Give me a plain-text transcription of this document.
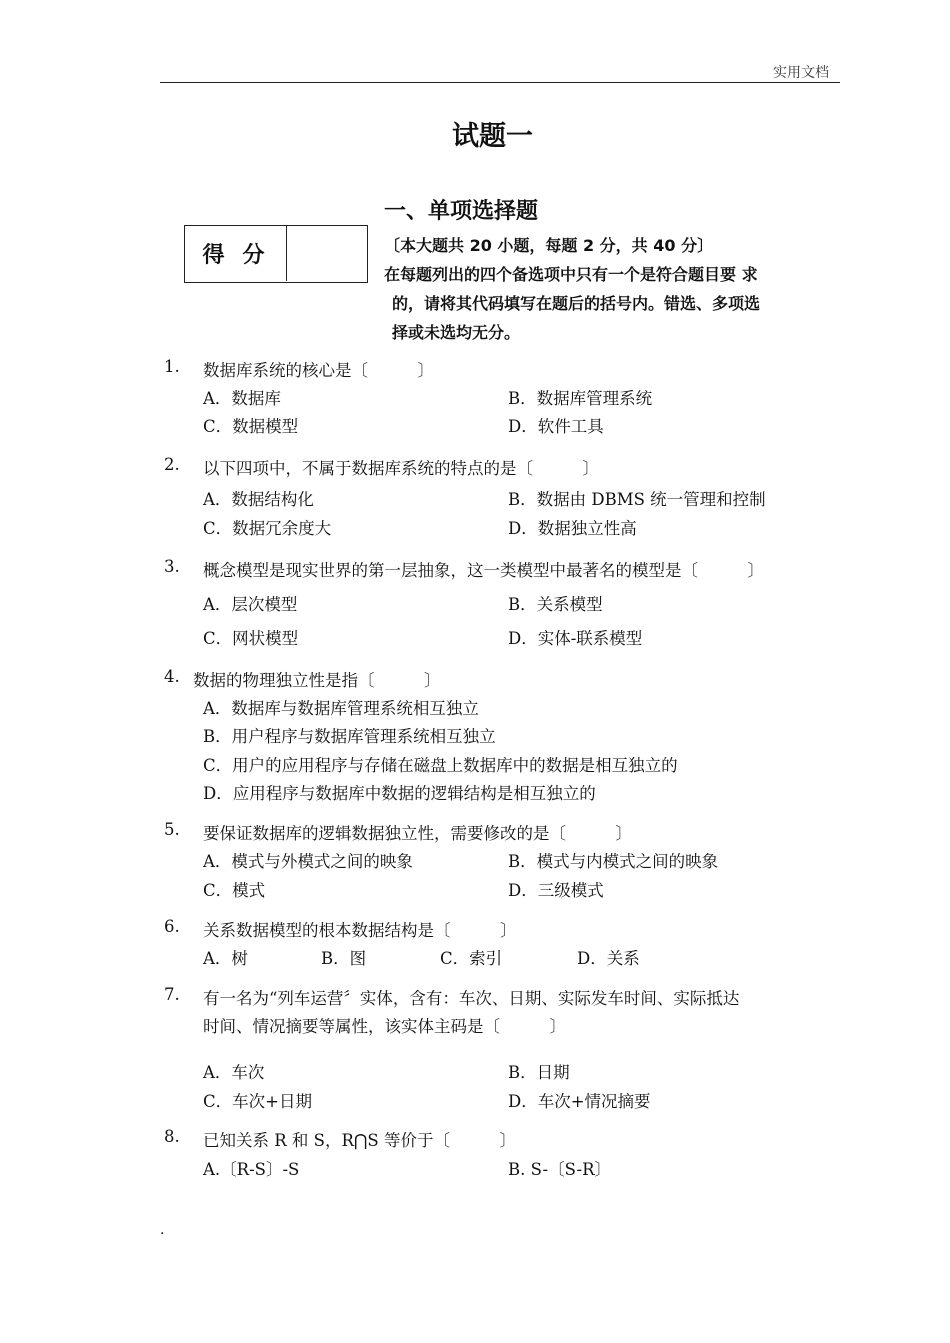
实用文档
试题一
一、单项选择题
得分	〔本大题共 20 小题，每题 2 分，共 40 分〕
在每题列出的四个备选项中只有一个是符合题目要 求
的，请将其代码填写在题后的括号内。错选、多项选
择或未选均无分。
1. 数据库系统的核心是〔　　　〕
A．数据库	B．数据库管理系统
C．数据模型	D．软件工具
2. 以下四项中，不属于数据库系统的特点的是〔　　　〕
A．数据结构化	B．数据由 DBMS 统一管理和控制
C．数据冗余度大	D．数据独立性高
3. 概念模型是现实世界的第一层抽象，这一类模型中最著名的模型是〔　　　〕
A．层次模型	B．关系模型
C．网状模型	D．实体-联系模型
4. 数据的物理独立性是指〔　　　〕
A．数据库与数据库管理系统相互独立
B．用户程序与数据库管理系统相互独立
C．用户的应用程序与存储在磁盘上数据库中的数据是相互独立的
D．应用程序与数据库中数据的逻辑结构是相互独立的
5. 要保证数据库的逻辑数据独立性，需要修改的是〔　　　〕
A．模式与外模式之间的映象	B．模式与内模式之间的映象
C．模式	D．三级模式
6. 关系数据模型的根本数据结构是〔　　　〕
A．树	B．图	C．索引	D．关系
7. 有一名为“列车运营〞实体，含有：车次、日期、实际发车时间、实际抵达
时间、情况摘要等属性，该实体主码是〔　　　〕
A．车次	B．日期
C．车次+日期	D．车次+情况摘要
8. 已知关系 R 和 S，R⋂S 等价于〔　　　〕
A.〔R-S〕-S	B. S-〔S-R〕
.
